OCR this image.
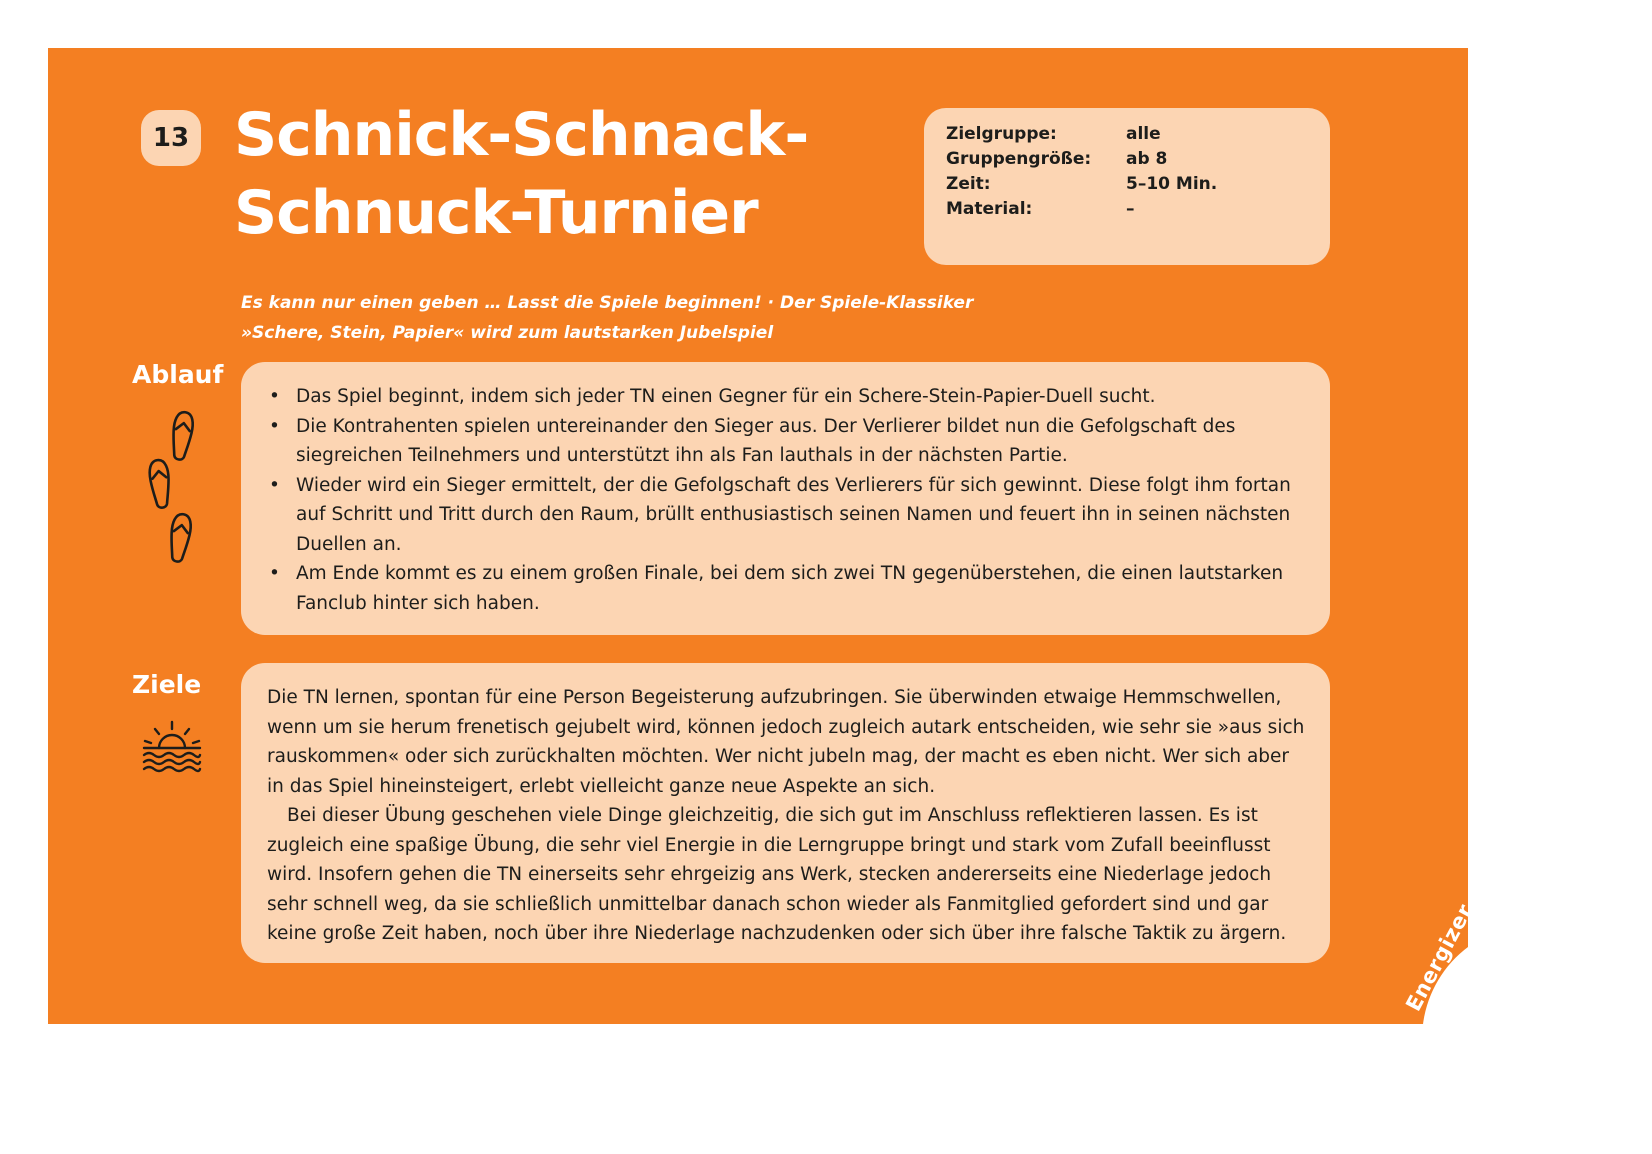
13 Schnick-Schnack-
Schnuck-Turnier
Zielgruppe:	alle
Gruppengröße:	ab 8
Zeit:	5–10 Min.
Material:	–

Es kann nur einen geben … Lasst die Spiele beginnen! · Der Spiele-Klassiker
»Schere, Stein, Papier« wird zum lautstarken Jubelspiel

Ablauf
• Das Spiel beginnt, indem sich jeder TN einen Gegner für ein Schere-Stein-Papier-Duell sucht.
• Die Kontrahenten spielen untereinander den Sieger aus. Der Verlierer bildet nun die Gefolgschaft des siegreichen Teilnehmers und unterstützt ihn als Fan lauthals in der nächsten Partie.
• Wieder wird ein Sieger ermittelt, der die Gefolgschaft des Verlierers für sich gewinnt. Diese folgt ihm fortan auf Schritt und Tritt durch den Raum, brüllt enthusiastisch seinen Namen und feuert ihn in seinen nächsten Duellen an.
• Am Ende kommt es zu einem großen Finale, bei dem sich zwei TN gegenüberstehen, die einen lautstarken Fanclub hinter sich haben.
Ziele	Die TN lernen, spontan für eine Person Begeisterung aufzubringen. Sie überwinden etwaige Hemmschwellen, wenn um sie herum frenetisch gejubelt wird, können jedoch zugleich autark entscheiden, wie sehr sie »aus sich rauskommen« oder sich zurückhalten möchten. Wer nicht jubeln mag, der macht es eben nicht. Wer sich aber in das Spiel hineinsteigert, erlebt vielleicht ganze neue Aspekte an sich.

Bei dieser Übung geschehen viele Dinge gleichzeitig, die sich gut im Anschluss reflektieren lassen. Es ist zugleich eine spaßige Übung, die sehr viel Energie in die Lerngruppe bringt und stark vom Zufall beeinflusst wird. Insofern gehen die TN einerseits sehr ehrgeizig ans Werk, stecken andererseits eine Niederlage jedoch sehr schnell weg, da sie schließlich unmittelbar danach schon wieder als Fanmitglied gefordert sind und gar keine große Zeit haben, noch über ihre Niederlage nachzudenken oder sich über ihre falsche Taktik zu ärgern.	Energizer
